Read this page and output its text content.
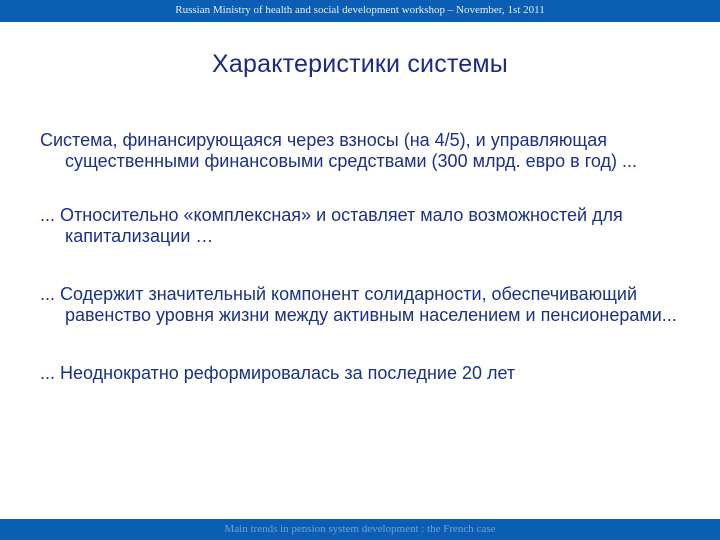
Russian Ministry of health and social development workshop – November, 1st 2011
Характеристики системы

Система, финансирующаяся через взносы (на 4/5), и управляющая существенными финансовыми средствами (300 млрд. евро в год) ...

... Относительно «комплексная» и оставляет мало возможностей для капитализации …

... Содержит значительный компонент солидарности, обеспечивающий равенство уровня жизни между активным населением и пенсионерами...

... Неоднократно реформировалась за последние 20 лет

Main trends in pension system development : the French case
